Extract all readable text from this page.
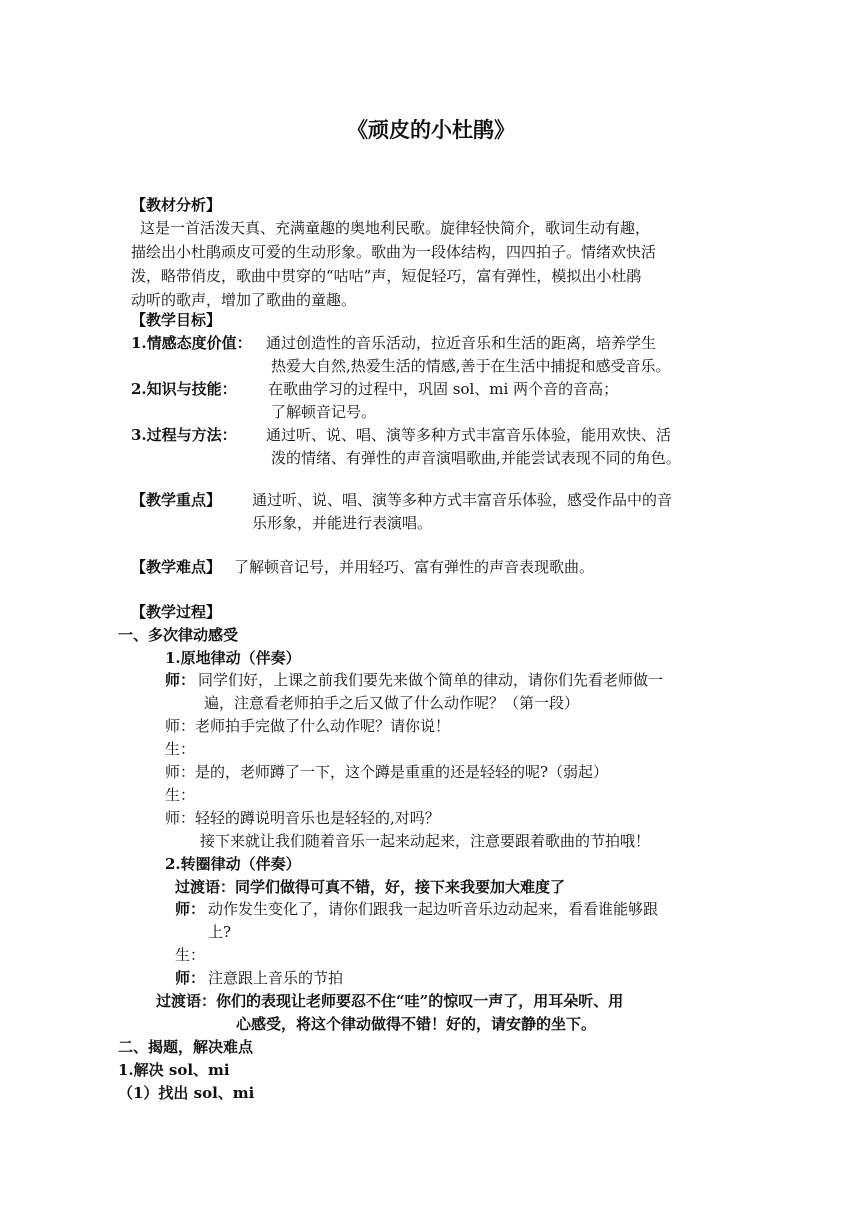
《顽皮的小杜鹃》
【教材分析】
这是一首活泼天真、充满童趣的奥地利民歌。旋律轻快简介，歌词生动有趣，
描绘出小杜鹃顽皮可爱的生动形象。歌曲为一段体结构，四四拍子。情绪欢快活
泼，略带俏皮，歌曲中贯穿的“咕咕”声，短促轻巧，富有弹性，模拟出小杜鹃
动听的歌声，增加了歌曲的童趣。
【教学目标】
1.情感态度价值： 通过创造性的音乐活动，拉近音乐和生活的距离，培养学生
热爱大自然,热爱生活的情感,善于在生活中捕捉和感受音乐。
2.知识与技能： 在歌曲学习的过程中，巩固 sol、mi 两个音的音高；
了解顿音记号。
3.过程与方法： 通过听、说、唱、演等多种方式丰富音乐体验，能用欢快、活
泼的情绪、有弹性的声音演唱歌曲,并能尝试表现不同的角色。
【教学重点】 通过听、说、唱、演等多种方式丰富音乐体验，感受作品中的音
乐形象，并能进行表演唱。
【教学难点】 了解顿音记号，并用轻巧、富有弹性的声音表现歌曲。
【教学过程】
一、多次律动感受
1.原地律动（伴奏）
师： 同学们好，上课之前我们要先来做个简单的律动，请你们先看老师做一
遍，注意看老师拍手之后又做了什么动作呢？（第一段）
师：老师拍手完做了什么动作呢？请你说！
生：
师：是的，老师蹲了一下，这个蹲是重重的还是轻轻的呢?（弱起）
生：
师：轻轻的蹲说明音乐也是轻轻的,对吗？
接下来就让我们随着音乐一起来动起来，注意要跟着歌曲的节拍哦！
2.转圈律动（伴奏）
过渡语：同学们做得可真不错，好，接下来我要加大难度了
师： 动作发生变化了，请你们跟我一起边听音乐边动起来，看看谁能够跟
上?
生：
师： 注意跟上音乐的节拍
过渡语：你们的表现让老师要忍不住“哇”的惊叹一声了，用耳朵听、用
心感受，将这个律动做得不错！好的，请安静的坐下。
二、揭题，解决难点
1.解决 sol、mi
（1）找出 sol、mi
